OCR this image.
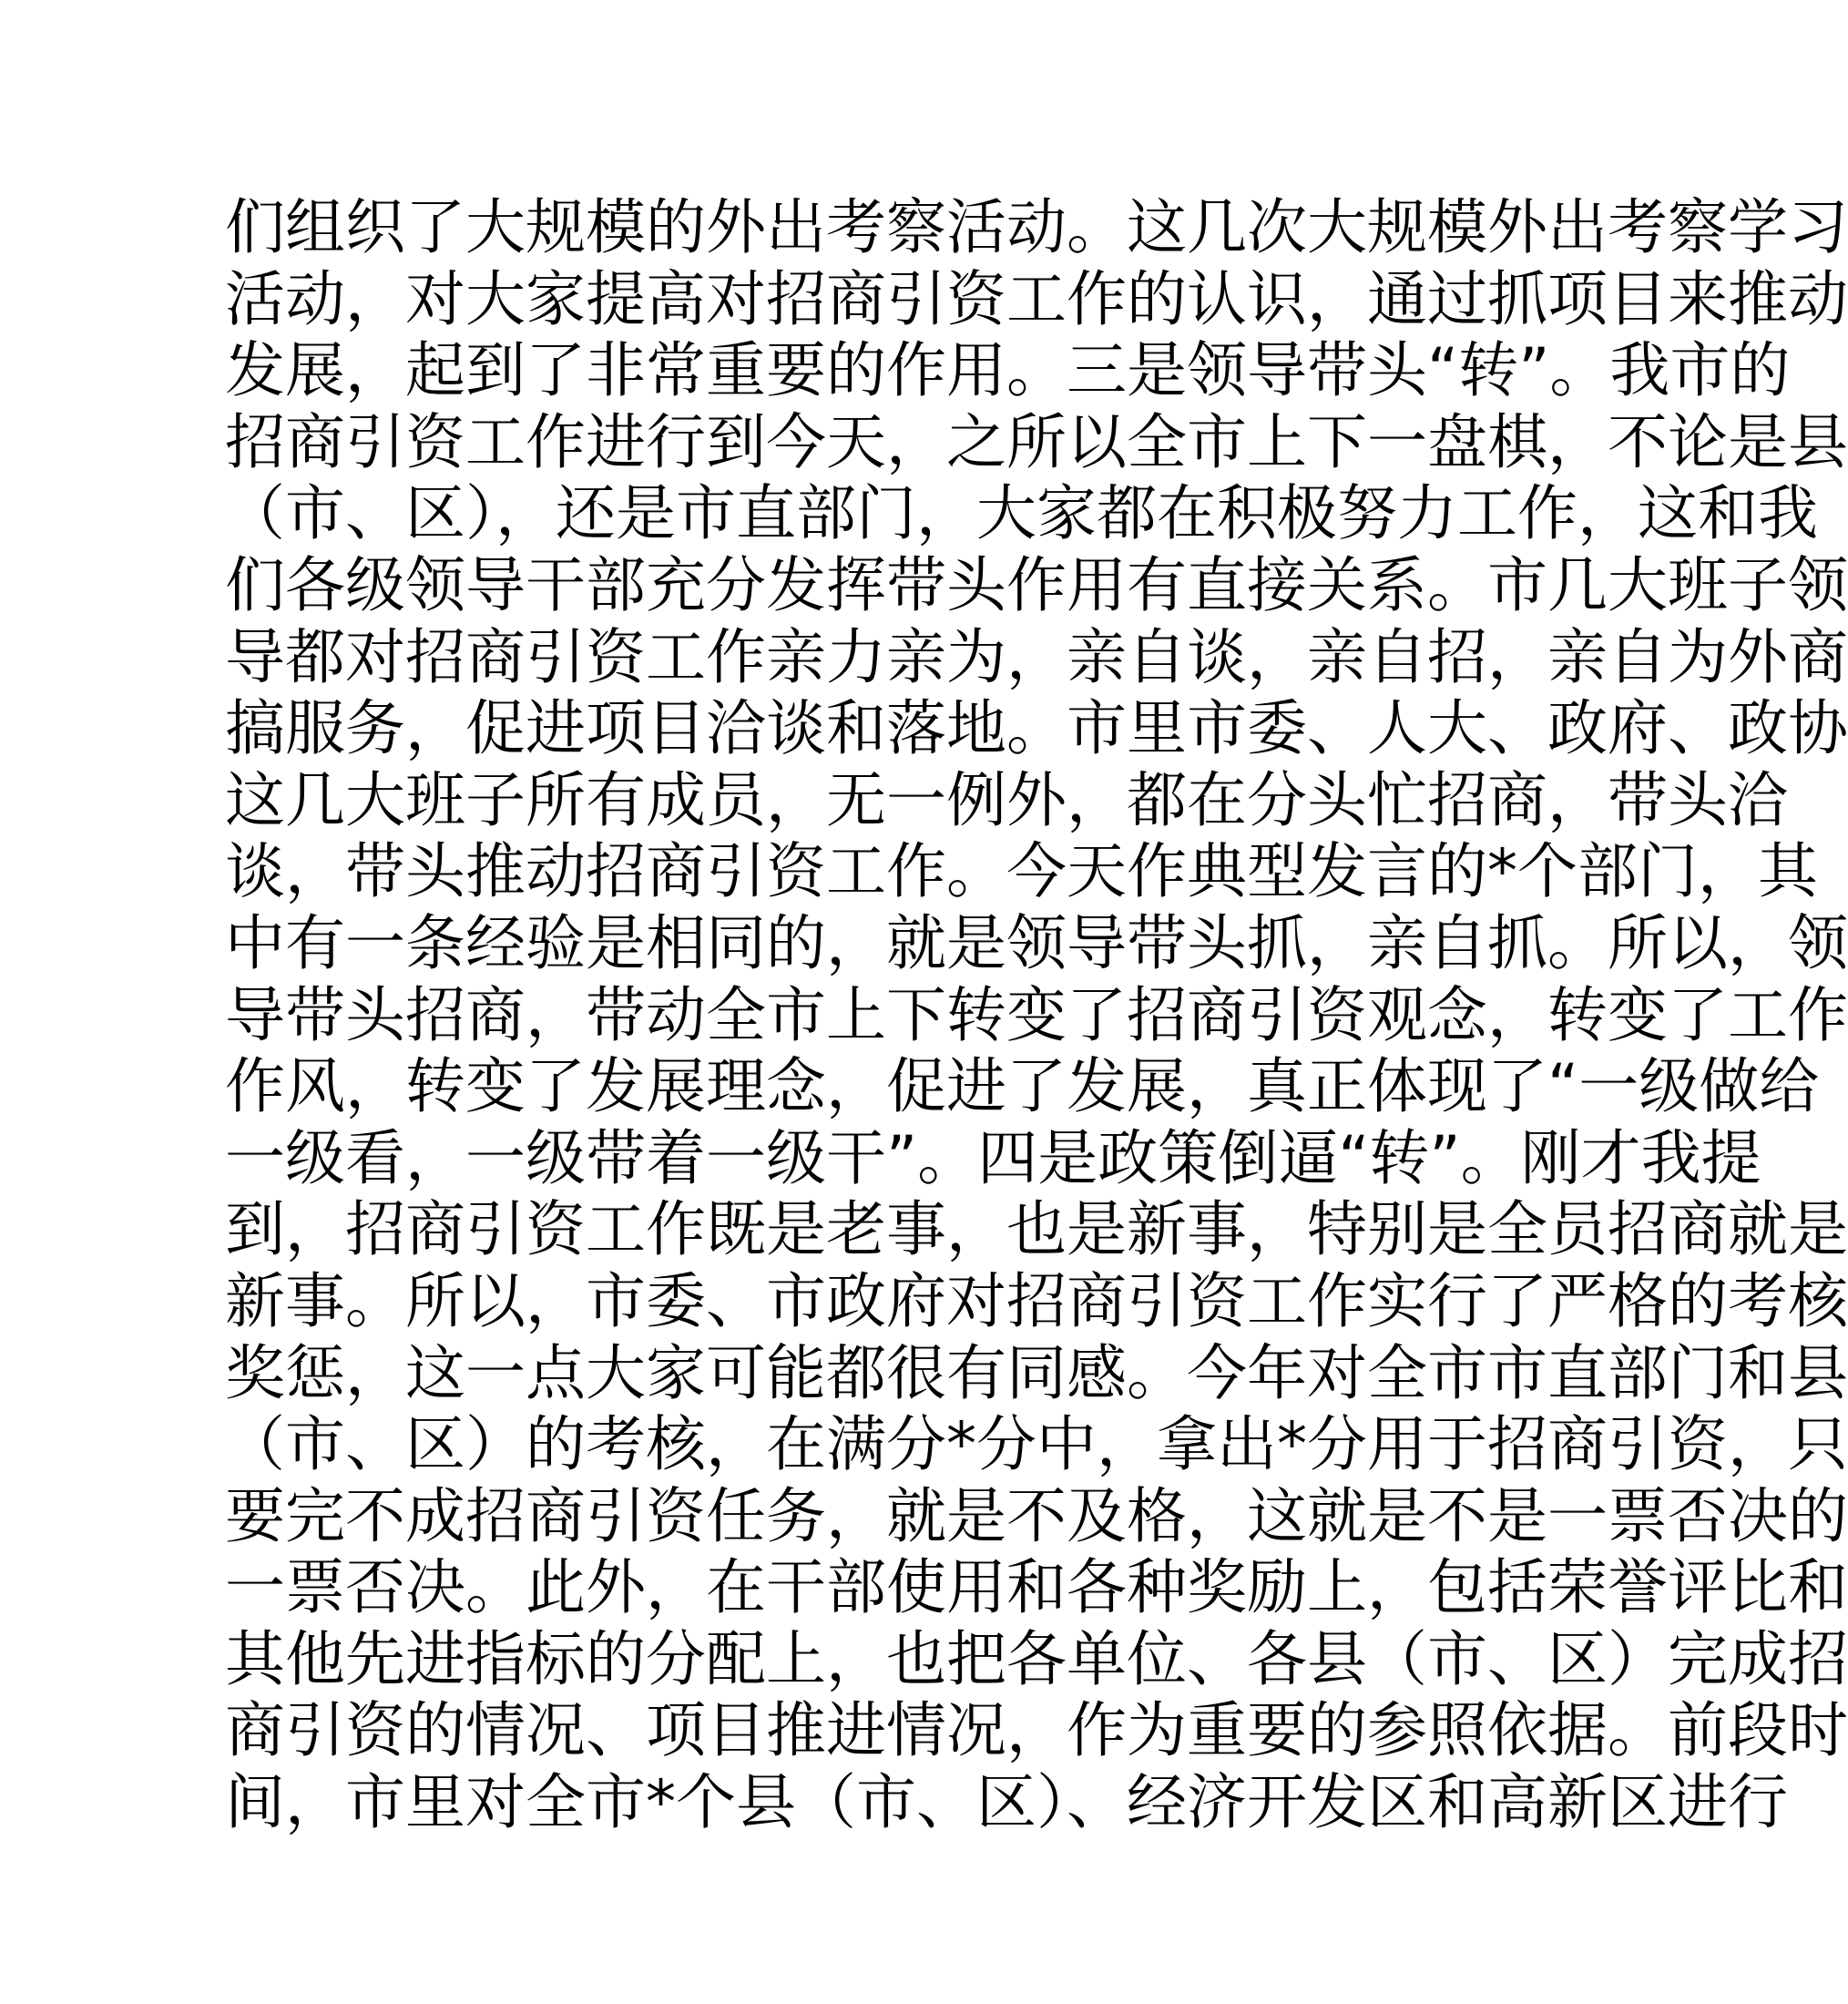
们组织了大规模的外出考察活动。这几次大规模外出考察学习
活动，对大家提高对招商引资工作的认识，通过抓项目来推动
发展，起到了非常重要的作用。三是领导带头“转”。我市的
招商引资工作进行到今天，之所以全市上下一盘棋，不论是县
（市、区），还是市直部门，大家都在积极努力工作，这和我
们各级领导干部充分发挥带头作用有直接关系。市几大班子领
导都对招商引资工作亲力亲为，亲自谈，亲自招，亲自为外商
搞服务，促进项目洽谈和落地。市里市委、人大、政府、政协
这几大班子所有成员，无一例外，都在分头忙招商，带头洽
谈，带头推动招商引资工作。今天作典型发言的*个部门，其
中有一条经验是相同的，就是领导带头抓，亲自抓。所以，领
导带头招商，带动全市上下转变了招商引资观念，转变了工作
作风，转变了发展理念，促进了发展，真正体现了“一级做给
一级看，一级带着一级干”。四是政策倒逼“转”。刚才我提
到，招商引资工作既是老事，也是新事，特别是全员招商就是
新事。所以，市委、市政府对招商引资工作实行了严格的考核
奖惩，这一点大家可能都很有同感。今年对全市市直部门和县
（市、区）的考核，在满分*分中，拿出*分用于招商引资，只
要完不成招商引资任务，就是不及格，这就是不是一票否决的
一票否决。此外，在干部使用和各种奖励上，包括荣誉评比和
其他先进指标的分配上，也把各单位、各县（市、区）完成招
商引资的情况、项目推进情况，作为重要的参照依据。前段时
间，市里对全市*个县（市、区）、经济开发区和高新区进行
